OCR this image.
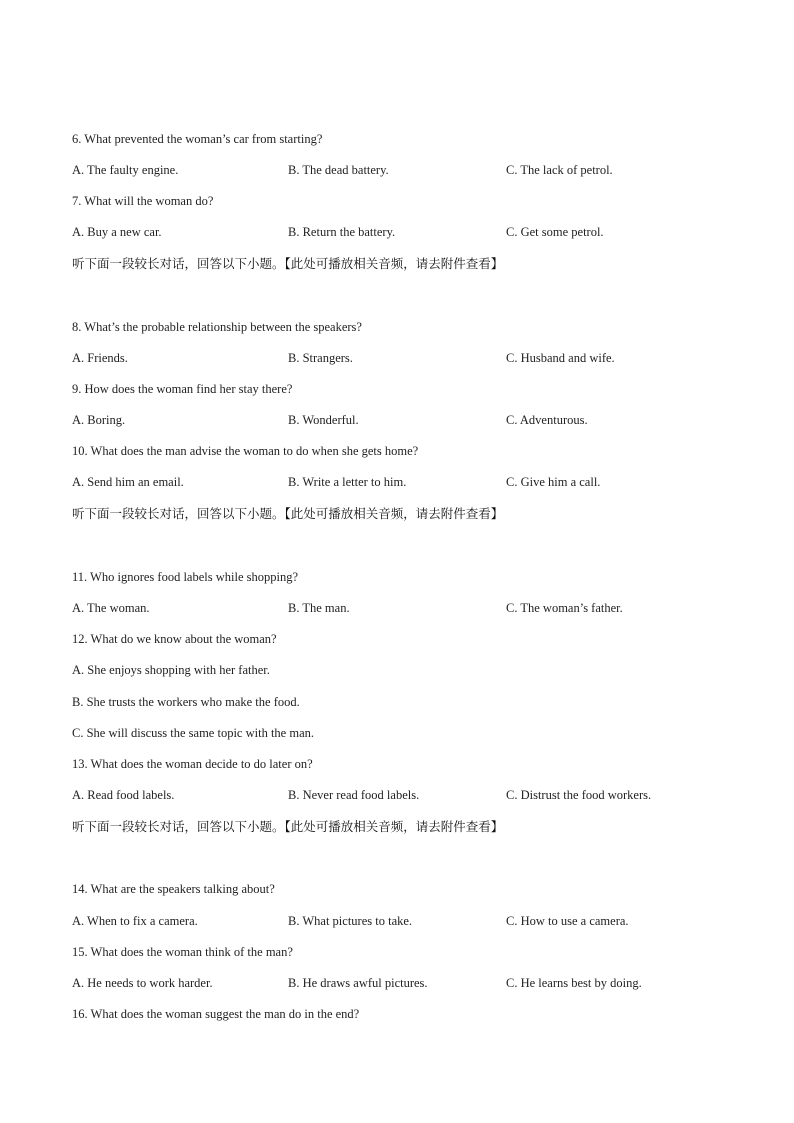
6. What prevented the woman’s car from starting?
A. The faulty engine.	B. The dead battery.	C. The lack of petrol.
7. What will the woman do?
A. Buy a new car.	B. Return the battery.	C. Get some petrol.
听下面一段较长对话，回答以下小题。【此处可播放相关音频，请去附件查看】
8. What’s the probable relationship between the speakers?
A. Friends.	B. Strangers.	C. Husband and wife.
9. How does the woman find her stay there?
A. Boring.	B. Wonderful.	C. Adventurous.
10. What does the man advise the woman to do when she gets home?
A. Send him an email.	B. Write a letter to him.	C. Give him a call.
听下面一段较长对话，回答以下小题。【此处可播放相关音频，请去附件查看】
11. Who ignores food labels while shopping?
A. The woman.	B. The man.	C. The woman’s father.
12. What do we know about the woman?
A. She enjoys shopping with her father.
B. She trusts the workers who make the food.
C. She will discuss the same topic with the man.
13. What does the woman decide to do later on?
A. Read food labels.	B. Never read food labels.	C. Distrust the food workers.
听下面一段较长对话，回答以下小题。【此处可播放相关音频，请去附件查看】
14. What are the speakers talking about?
A. When to fix a camera.	B. What pictures to take.	C. How to use a camera.
15. What does the woman think of the man?
A. He needs to work harder.	B. He draws awful pictures.	C. He learns best by doing.
16. What does the woman suggest the man do in the end?
